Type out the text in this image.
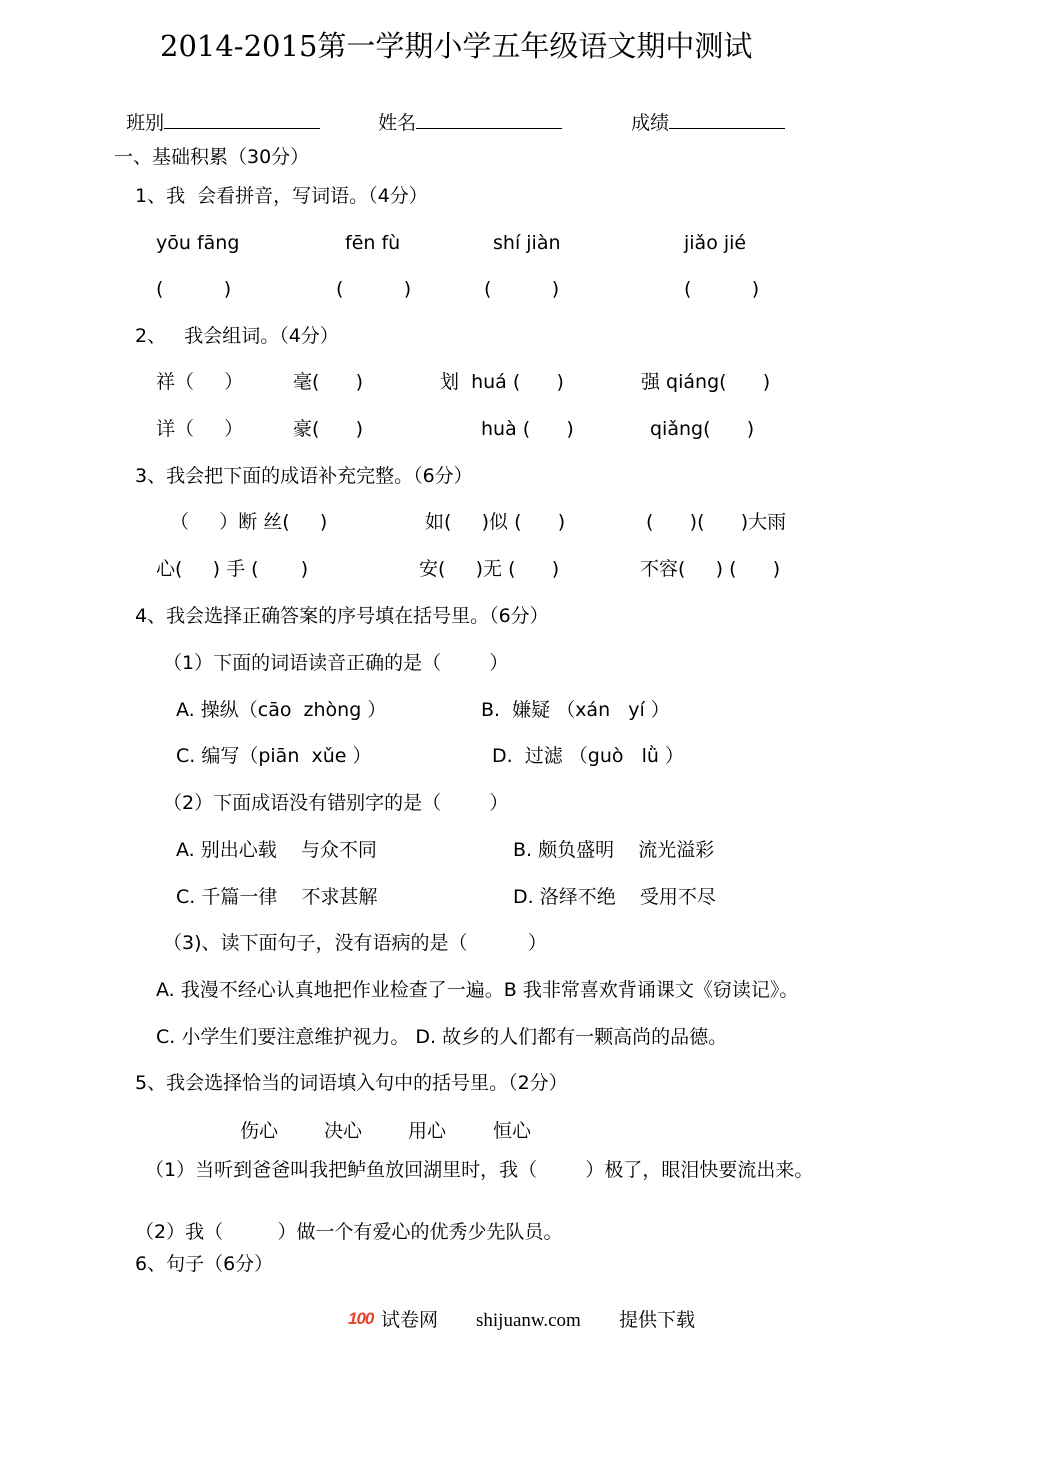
2014-2015第一学期小学五年级语文期中测试

班别	姓名	成绩

一、基础积累（30分）
1、我  会看拼音，写词语。（4分）
yōu fāng	fēn fù	shí jiàn	jiǎo jié
(          )	(          )	(          )	(          )
2、   我会组词。（4分）
祥（     ）	毫(      )	划  huá (      )	强 qiáng(      )
详（     ）	豪(      )	huà (      )	qiǎng(      )
3、我会把下面的成语补充完整。（6分）
（     ）断 丝(     )	如(     )似 (      )	(      )(      )大雨
心(     ) 手 (       )	安(     )无 (      )	不容(     ) (      )
4、我会选择正确答案的序号填在括号里。（6分）
（1）下面的词语读音正确的是（        ）
A. 操纵（cāo  zhòng ）	B.  嫌疑 （xán   yí ）
C. 编写（piān  xǔe ）	D.  过滤 （guò   lǜ ）
（2）下面成语没有错别字的是（        ）
A. 别出心载    与众不同	B. 颇负盛明    流光溢彩
C. 千篇一律    不求甚解	D. 洛绎不绝    受用不尽
（3)、读下面句子，没有语病的是（          ）
A. 我漫不经心认真地把作业检查了一遍。B 我非常喜欢背诵课文《窃读记》。
C. 小学生们要注意维护视力。 D. 故乡的人们都有一颗高尚的品德。
5、我会选择恰当的词语填入句中的括号里。（2分）
伤心 决心 用心 恒心
（1）当听到爸爸叫我把鲈鱼放回湖里时，我（        ）极了，眼泪快要流出来。
（2）我（         ）做一个有爱心的优秀少先队员。
6、句子（6分）
100 试卷网 shijuanw.com 提供下载
